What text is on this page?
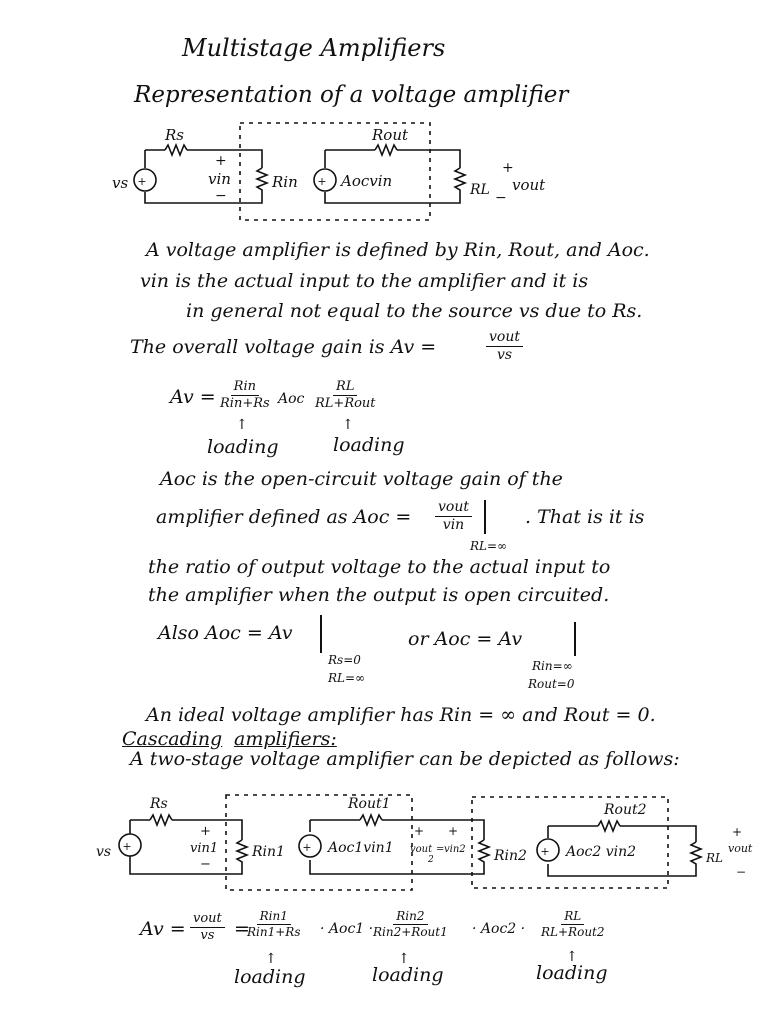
Multistage Amplifiers
Representation of a voltage amplifier
+	+
Rs	Rout
vs
+
vin
−
Rin	Aocvin	RL
+
vout
−
A voltage amplifier is defined by Rin, Rout, and Aoc.
vin is the actual input to the amplifier and it is
in general not equal to the source vs due to Rs.
The overall voltage gain is Av =	vout
vs
Av = Rin
Rin+Rs Aoc
RL
RL+Rout
↑	↑
loading	loading
Aoc is the open-circuit voltage gain of the
amplifier defined as Aoc = vout
vin
RL=∞
. That is it is
the ratio of output voltage to the actual input to
the amplifier when the output is open circuited.
Also Aoc = Av
Rs=0
RL=∞
or Aoc = Av
Rin=∞
Rout=0
An ideal voltage amplifier has Rin = ∞ and Rout = 0.
Cascading amplifiers:
A two-stage voltage amplifier can be depicted as follows:
+	+	+
Rs	Rout1	Rout2
vs
+
vin1
−
Rin1	Aoc1vin1
+ +
vout = vin2
2	Rin2	Aoc2 vin2	RL
+
vout
−
Av = vout
vs =
Rin1
Rin1+Rs · Aoc1 ·
Rin2
Rin2+Rout1 · Aoc2 ·
RL
RL+Rout2
↑	↑	↑
loading	loading	loading
